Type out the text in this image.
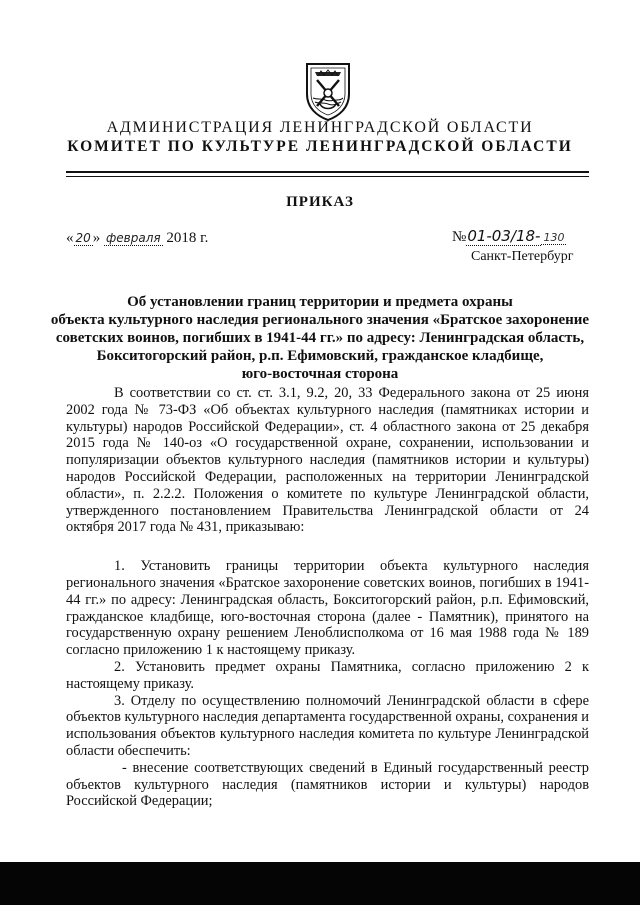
АДМИНИСТРАЦИЯ ЛЕНИНГРАДСКОЙ ОБЛАСТИ
КОМИТЕТ ПО КУЛЬТУРЕ ЛЕНИНГРАДСКОЙ ОБЛАСТИ
ПРИКАЗ
« 20 » февраля 2018 г.	№01-03/18- 130
Санкт-Петербург
Об установлении границ территории и предмета охраны
объекта культурного наследия регионального значения «Братское захоронение
советских воинов, погибших в 1941-44 гг.» по адресу: Ленинградская область,
Бокситогорский район, р.п. Ефимовский, гражданское кладбище,
юго-восточная сторона

В соответствии со ст. ст. 3.1, 9.2, 20, 33 Федерального закона от 25 июня 2002 года № 73-ФЗ «Об объектах культурного наследия (памятниках истории и культуры) народов Российской Федерации», ст. 4 областного закона от 25 декабря 2015 года № 140-оз «О государственной охране, сохранении, использовании и популяризации объектов культурного наследия (памятников истории и культуры) народов Российской Федерации, расположенных на территории Ленинградской области», п. 2.2.2. Положения о комитете по культуре Ленинградской области, утвержденного постановлением Правительства Ленинградской области от 24 октября 2017 года № 431, приказываю:

1. Установить границы территории объекта культурного наследия регионального значения «Братское захоронение советских воинов, погибших в 1941-44 гг.» по адресу: Ленинградская область, Бокситогорский район, р.п. Ефимовский, гражданское кладбище, юго-восточная сторона (далее - Памятник), принятого на государственную охрану решением Леноблисполкома от 16 мая 1988 года № 189 согласно приложению 1 к настоящему приказу.

2. Установить предмет охраны Памятника, согласно приложению 2 к настоящему приказу.

3. Отделу по осуществлению полномочий Ленинградской области в сфере объектов культурного наследия департамента государственной охраны, сохранения и использования объектов культурного наследия комитета по культуре Ленинградской области обеспечить:

- внесение соответствующих сведений в Единый государственный реестр объектов культурного наследия (памятников истории и культуры) народов Российской Федерации;
